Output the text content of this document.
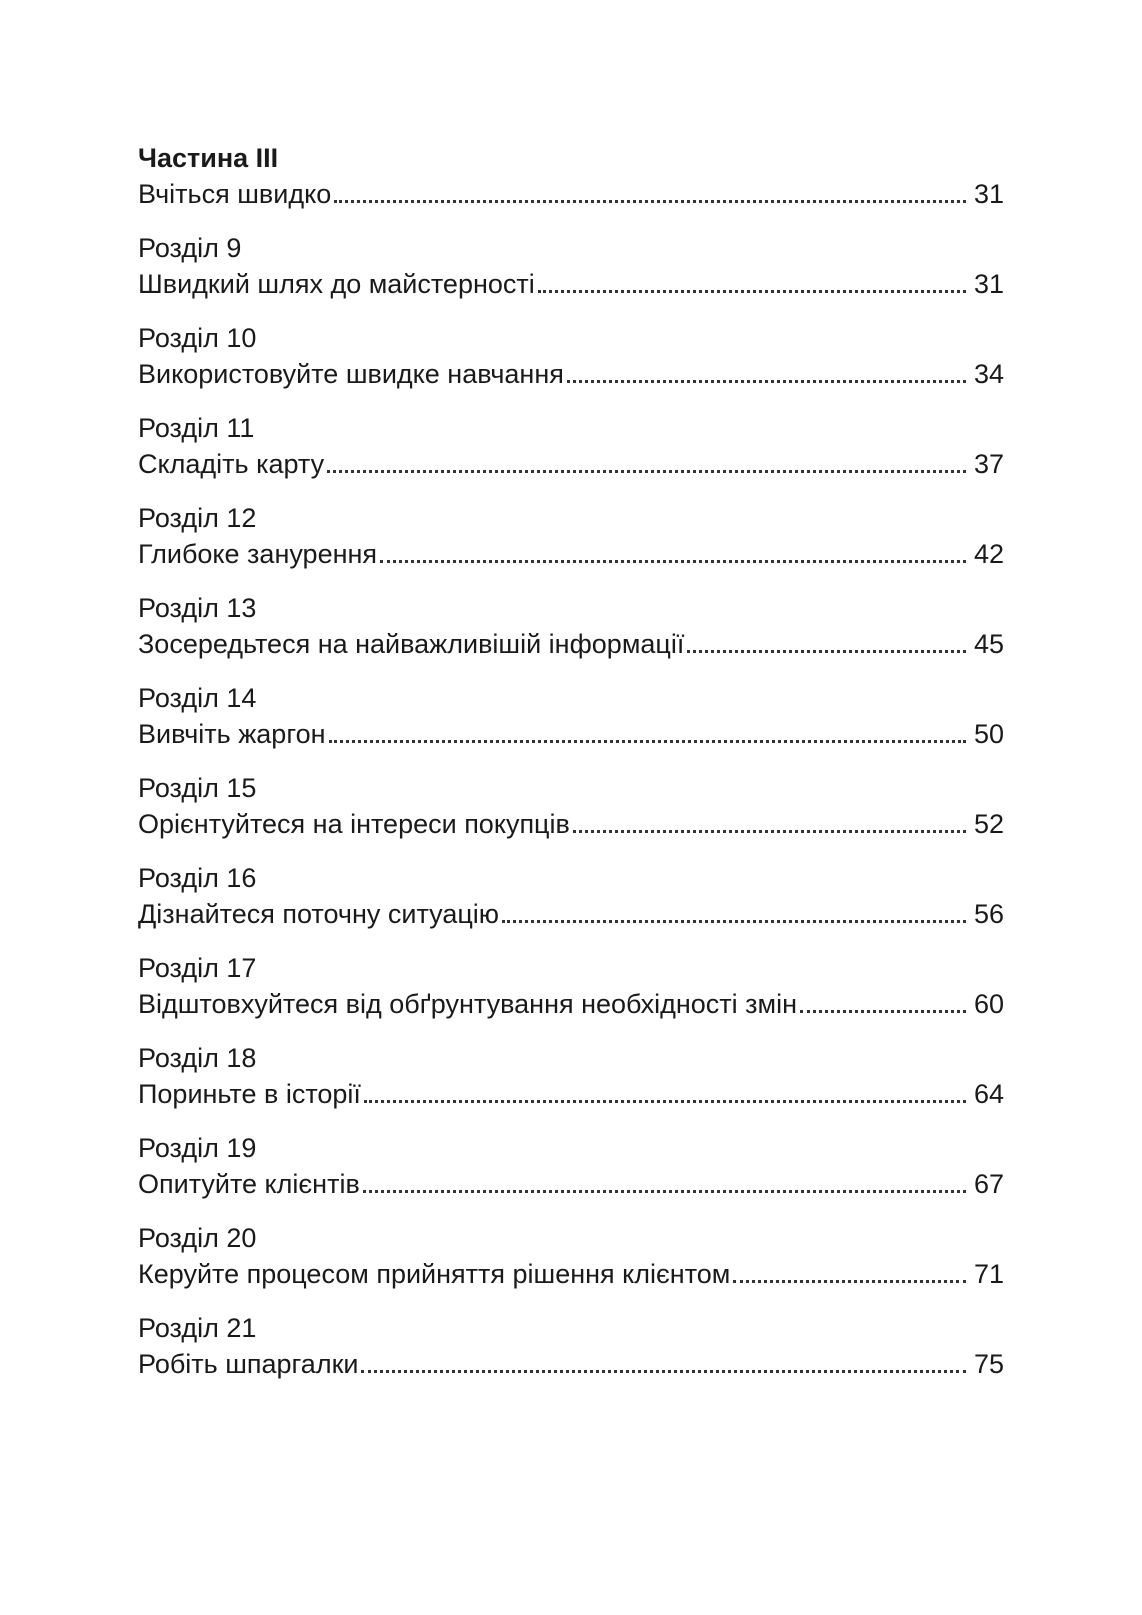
Частина III
Вчіться швидко	31
Розділ 9
Швидкий шлях до майстерності	31
Розділ 10
Використовуйте швидке навчання	34
Розділ 11
Складіть карту	37
Розділ 12
Глибоке занурення	42
Розділ 13
Зосередьтеся на найважливішій інформації	45
Розділ 14
Вивчіть жаргон	50
Розділ 15
Орієнтуйтеся на інтереси покупців	52
Розділ 16
Дізнайтеся поточну ситуацію	56
Розділ 17
Відштовхуйтеся від обґрунтування необхідності змін	60
Розділ 18
Пориньте в історії	64
Розділ 19
Опитуйте клієнтів	67
Розділ 20
Керуйте процесом прийняття рішення клієнтом	71
Розділ 21
Робіть шпаргалки	75
